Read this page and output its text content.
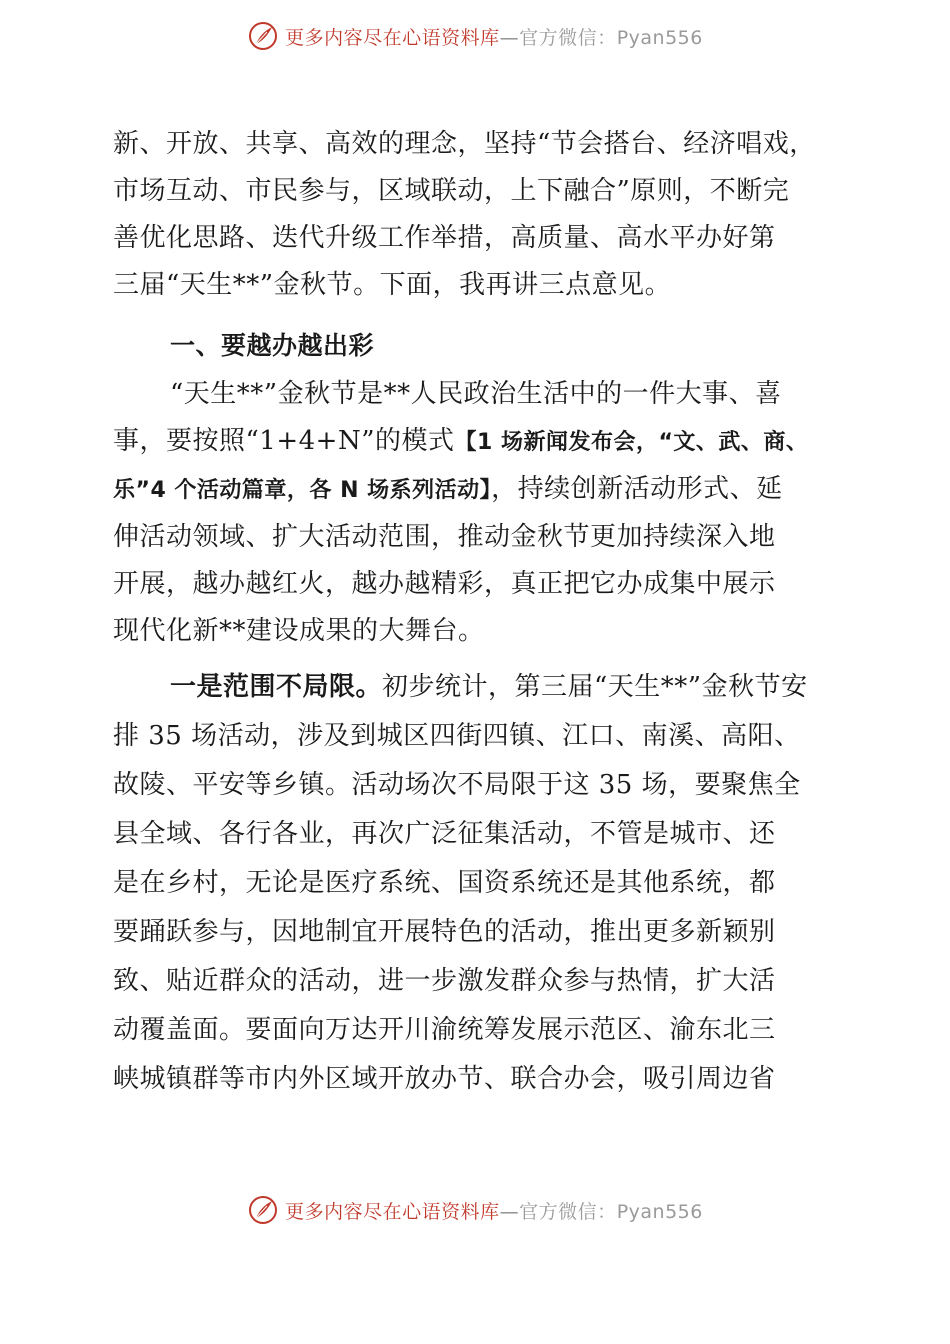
更多内容尽在心语资料库—官方微信：Pyan556
新、开放、共享、高效的理念，坚持“节会搭台、经济唱戏，
市场互动、市民参与，区域联动，上下融合”原则，不断完
善优化思路、迭代升级工作举措，高质量、高水平办好第
三届“天生**”金秋节。下面，我再讲三点意见。
一、要越办越出彩
“天生**”金秋节是**人民政治生活中的一件大事、喜
事，要按照“1+4+N”的模式【1 场新闻发布会，“文、武、商、
乐”4 个活动篇章，各 N 场系列活动】，持续创新活动形式、延
伸活动领域、扩大活动范围，推动金秋节更加持续深入地
开展，越办越红火，越办越精彩，真正把它办成集中展示
现代化新**建设成果的大舞台。
一是范围不局限。初步统计，第三届“天生**”金秋节安
排 35 场活动，涉及到城区四街四镇、江口、南溪、高阳、
故陵、平安等乡镇。活动场次不局限于这 35 场，要聚焦全
县全域、各行各业，再次广泛征集活动，不管是城市、还
是在乡村，无论是医疗系统、国资系统还是其他系统，都
要踊跃参与，因地制宜开展特色的活动，推出更多新颖别
致、贴近群众的活动，进一步激发群众参与热情，扩大活
动覆盖面。要面向万达开川渝统筹发展示范区、渝东北三
峡城镇群等市内外区域开放办节、联合办会，吸引周边省
更多内容尽在心语资料库—官方微信：Pyan556
